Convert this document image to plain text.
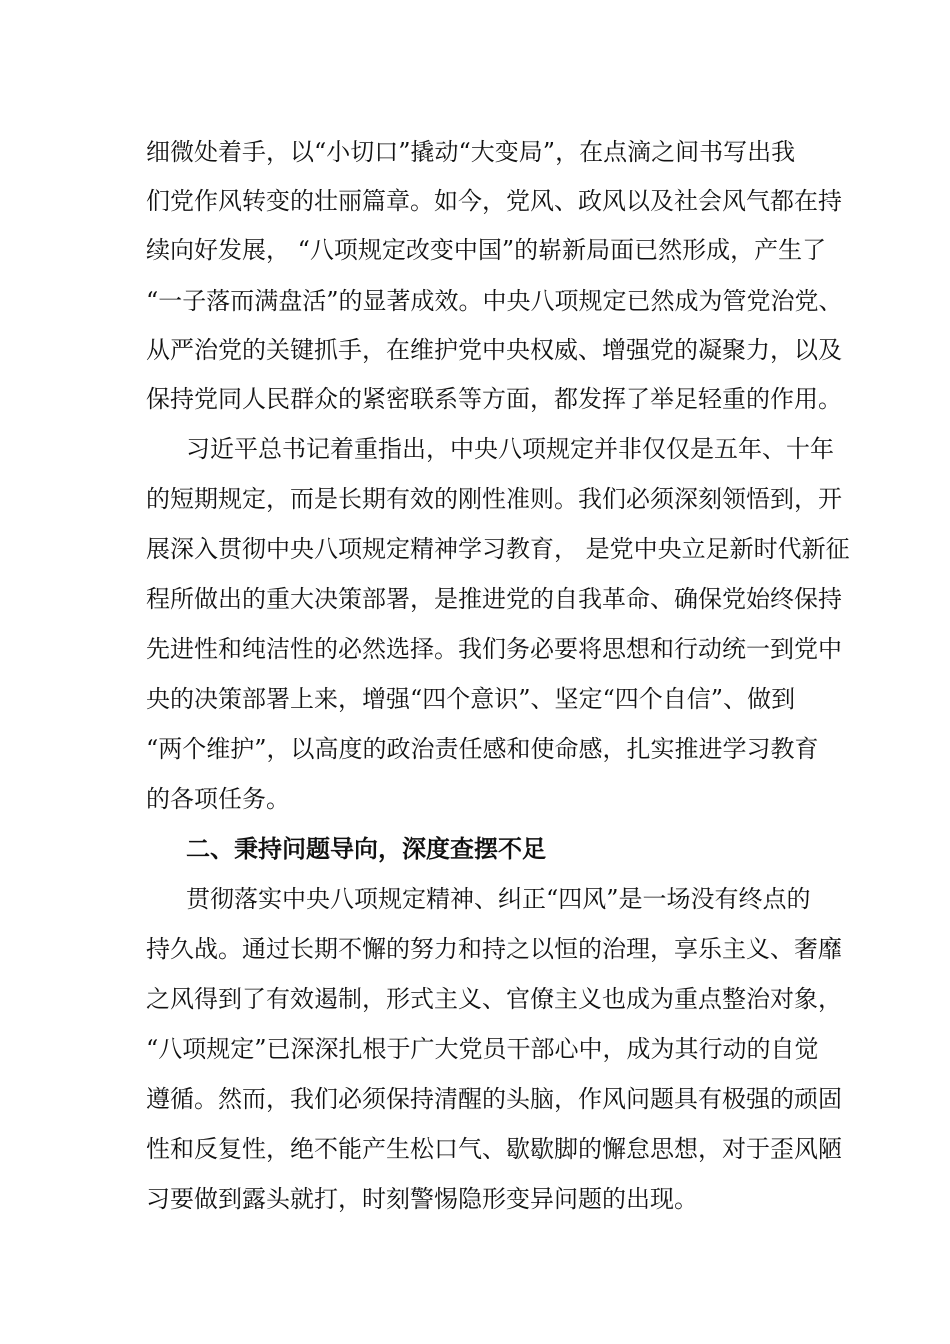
细微处着手，以“小切口”撬动“大变局”，在点滴之间书写出我
们党作风转变的壮丽篇章。如今，党风、政风以及社会风气都在持
续向好发展， “八项规定改变中国”的崭新局面已然形成，产生了
“一子落而满盘活”的显著成效。中央八项规定已然成为管党治党、
从严治党的关键抓手，在维护党中央权威、增强党的凝聚力，以及
保持党同人民群众的紧密联系等方面，都发挥了举足轻重的作用。
习近平总书记着重指出，中央八项规定并非仅仅是五年、十年
的短期规定，而是长期有效的刚性准则。我们必须深刻领悟到，开
展深入贯彻中央八项规定精神学习教育， 是党中央立足新时代新征
程所做出的重大决策部署，是推进党的自我革命、确保党始终保持
先进性和纯洁性的必然选择。我们务必要将思想和行动统一到党中
央的决策部署上来，增强“四个意识”、坚定“四个自信”、做到
“两个维护”，以高度的政治责任感和使命感，扎实推进学习教育
的各项任务。
二、秉持问题导向，深度查摆不足
贯彻落实中央八项规定精神、纠正“四风”是一场没有终点的
持久战。通过长期不懈的努力和持之以恒的治理，享乐主义、奢靡
之风得到了有效遏制，形式主义、官僚主义也成为重点整治对象，
“八项规定”已深深扎根于广大党员干部心中，成为其行动的自觉
遵循。然而，我们必须保持清醒的头脑，作风问题具有极强的顽固
性和反复性，绝不能产生松口气、歇歇脚的懈怠思想，对于歪风陋
习要做到露头就打，时刻警惕隐形变异问题的出现。
